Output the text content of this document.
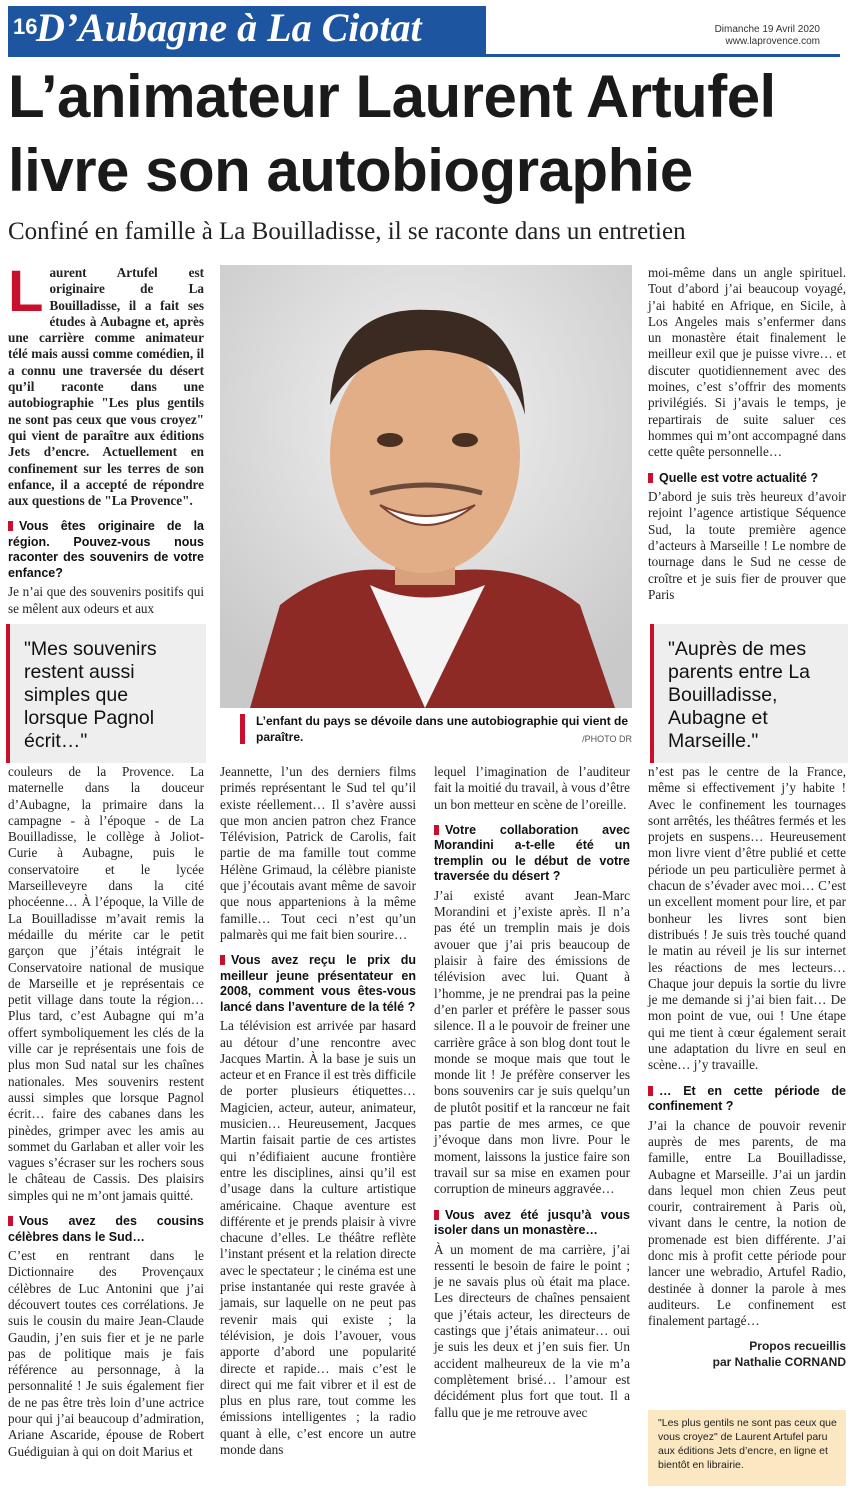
16
D’Aubagne à La Ciotat	Dimanche 19 Avril 2020
www.laprovence.com
L’animateur Laurent Artufel livre son autobiographie
Confiné en famille à La Bouilladisse, il se raconte dans un entretien

Laurent Artufel est originaire de La Bouilladisse, il a fait ses études à Aubagne et, après une carrière comme animateur télé mais aussi comme comédien, il a connu une traversée du désert qu’il raconte dans une autobiographie "Les plus gentils ne sont pas ceux que vous croyez" qui vient de paraître aux éditions Jets d’encre. Actuellement en confinement sur les terres de son enfance, il a accepté de répondre aux questions de "La Provence".

Vous êtes originaire de la région. Pouvez-vous nous raconter des souvenirs de votre enfance?

Je n’ai que des souvenirs positifs qui se mêlent aux odeurs et aux

L’enfant du pays se dévoile dans une autobiographie qui vient de paraître.	/PHOTO DR

moi-même dans un angle spirituel. Tout d’abord j’ai beaucoup voyagé, j’ai habité en Afrique, en Sicile, à Los Angeles mais s’enfermer dans un monastère était finalement le meilleur exil que je puisse vivre… et discuter quotidiennement avec des moines, c’est s’offrir des moments privilégiés. Si j’avais le temps, je repartirais de suite saluer ces hommes qui m’ont accompagné dans cette quête personnelle…

Quelle est votre actualité ?

D’abord je suis très heureux d’avoir rejoint l’agence artistique Séquence Sud, la toute première agence d’acteurs à Marseille ! Le nombre de tournage dans le Sud ne cesse de croître et je suis fier de prouver que Paris

"Mes souvenirs restent aussi simples que lorsque Pagnol écrit…"
"Auprès de mes parents entre La Bouilladisse, Aubagne et Marseille."

couleurs de la Provence. La maternelle dans la douceur d’Aubagne, la primaire dans la campagne - à l’époque - de La Bouilladisse, le collège à Joliot-Curie à Aubagne, puis le conservatoire et le lycée Marseilleveyre dans la cité phocéenne… À l’époque, la Ville de La Bouilladisse m’avait remis la médaille du mérite car le petit garçon que j’étais intégrait le Conservatoire national de musique de Marseille et je représentais ce petit village dans toute la région… Plus tard, c’est Aubagne qui m’a offert symboliquement les clés de la ville car je représentais une fois de plus mon Sud natal sur les chaînes nationales. Mes souvenirs restent aussi simples que lorsque Pagnol écrit… faire des cabanes dans les pinèdes, grimper avec les amis au sommet du Garlaban et aller voir les vagues s’écraser sur les rochers sous le château de Cassis. Des plaisirs simples qui ne m’ont jamais quitté.

Vous avez des cousins célèbres dans le Sud…

C’est en rentrant dans le Dictionnaire des Provençaux célèbres de Luc Antonini que j’ai découvert toutes ces corrélations. Je suis le cousin du maire Jean-Claude Gaudin, j’en suis fier et je ne parle pas de politique mais je fais référence au personnage, à la personnalité ! Je suis également fier de ne pas être très loin d’une actrice pour qui j’ai beaucoup d’admiration, Ariane Ascaride, épouse de Robert Guédiguian à qui on doit Marius et

Jeannette, l’un des derniers films primés représentant le Sud tel qu’il existe réellement… Il s’avère aussi que mon ancien patron chez France Télévision, Patrick de Carolis, fait partie de ma famille tout comme Hélène Grimaud, la célèbre pianiste que j’écoutais avant même de savoir que nous appartenions à la même famille… Tout ceci n’est qu’un palmarès qui me fait bien sourire…

Vous avez reçu le prix du meilleur jeune présentateur en 2008, comment vous êtes-vous lancé dans l’aventure de la télé ?

La télévision est arrivée par hasard au détour d’une rencontre avec Jacques Martin. À la base je suis un acteur et en France il est très difficile de porter plusieurs étiquettes… Magicien, acteur, auteur, animateur, musicien… Heureusement, Jacques Martin faisait partie de ces artistes qui n’édifiaient aucune frontière entre les disciplines, ainsi qu’il est d’usage dans la culture artistique américaine. Chaque aventure est différente et je prends plaisir à vivre chacune d’elles. Le théâtre reflète l’instant présent et la relation directe avec le spectateur ; le cinéma est une prise instantanée qui reste gravée à jamais, sur laquelle on ne peut pas revenir mais qui existe ; la télévision, je dois l’avouer, vous apporte d’abord une popularité directe et rapide… mais c’est le direct qui me fait vibrer et il est de plus en plus rare, tout comme les émissions intelligentes ; la radio quant à elle, c’est encore un autre monde dans

lequel l’imagination de l’auditeur fait la moitié du travail, à vous d’être un bon metteur en scène de l’oreille.

Votre collaboration avec Morandini a-t-elle été un tremplin ou le début de votre traversée du désert ?

J’ai existé avant Jean-Marc Morandini et j’existe après. Il n’a pas été un tremplin mais je dois avouer que j’ai pris beaucoup de plaisir à faire des émissions de télévision avec lui. Quant à l’homme, je ne prendrai pas la peine d’en parler et préfère le passer sous silence. Il a le pouvoir de freiner une carrière grâce à son blog dont tout le monde se moque mais que tout le monde lit ! Je préfère conserver les bons souvenirs car je suis quelqu’un de plutôt positif et la rancœur ne fait pas partie de mes armes, ce que j’évoque dans mon livre. Pour le moment, laissons la justice faire son travail sur sa mise en examen pour corruption de mineurs aggravée…

Vous avez été jusqu’à vous isoler dans un monastère…

À un moment de ma carrière, j’ai ressenti le besoin de faire le point ; je ne savais plus où était ma place. Les directeurs de chaînes pensaient que j’étais acteur, les directeurs de castings que j’étais animateur… oui je suis les deux et j’en suis fier. Un accident malheureux de la vie m’a complètement brisé… l’amour est décidément plus fort que tout. Il a fallu que je me retrouve avec

n’est pas le centre de la France, même si effectivement j’y habite ! Avec le confinement les tournages sont arrêtés, les théâtres fermés et les projets en suspens… Heureusement mon livre vient d’être publié et cette période un peu particulière permet à chacun de s’évader avec moi… C’est un excellent moment pour lire, et par bonheur les livres sont bien distribués ! Je suis très touché quand le matin au réveil je lis sur internet les réactions de mes lecteurs… Chaque jour depuis la sortie du livre je me demande si j’ai bien fait… De mon point de vue, oui ! Une étape qui me tient à cœur également serait une adaptation du livre en seul en scène… j’y travaille.

… Et en cette période de confinement ?

J’ai la chance de pouvoir revenir auprès de mes parents, de ma famille, entre La Bouilladisse, Aubagne et Marseille. J’ai un jardin dans lequel mon chien Zeus peut courir, contrairement à Paris où, vivant dans le centre, la notion de promenade est bien différente. J’ai donc mis à profit cette période pour lancer une webradio, Artufel Radio, destinée à donner la parole à mes auditeurs. Le confinement est finalement partagé…

Propos recueillis
par Nathalie CORNAND
"Les plus gentils ne sont pas ceux que vous croyez" de Laurent Artufel paru aux éditions Jets d’encre, en ligne et bientôt en librairie.
